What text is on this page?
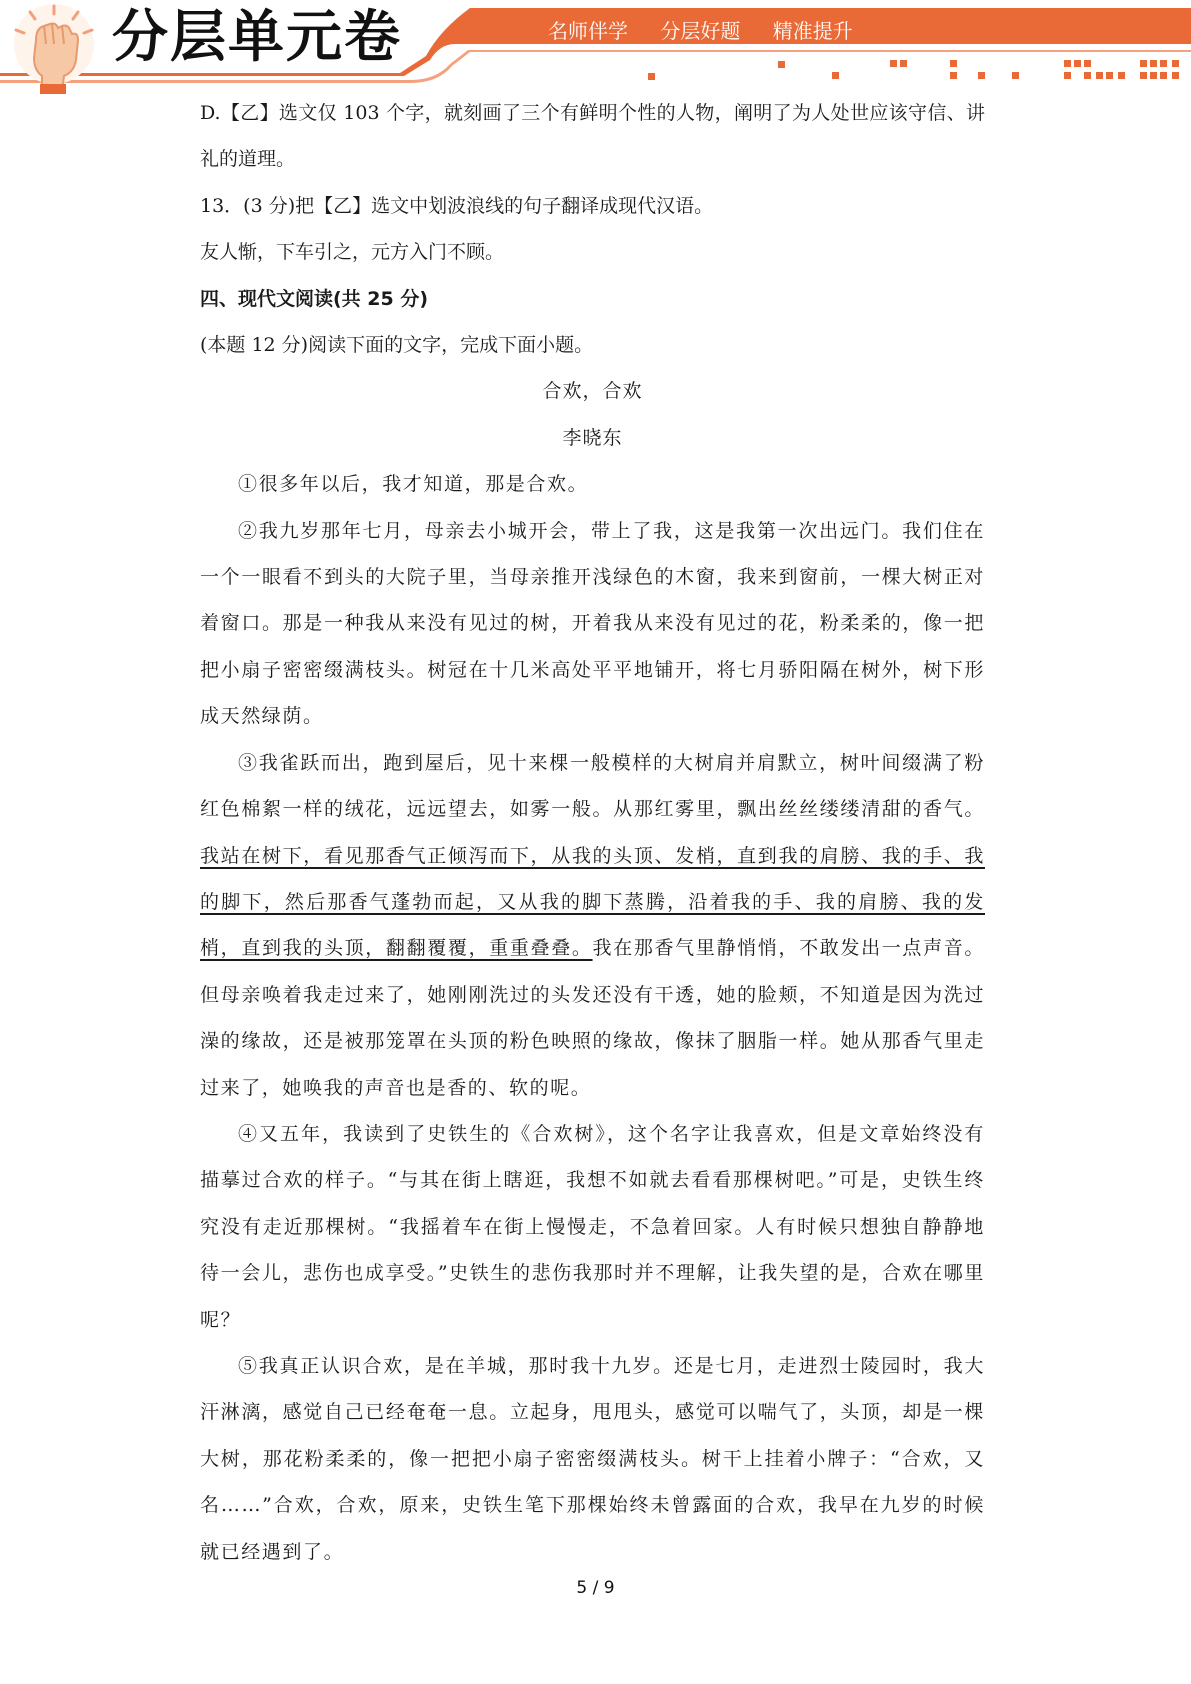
分层单元卷	名师伴学 分层好题 精准提升

D.【乙】选文仅 103 个字，就刻画了三个有鲜明个性的人物，阐明了为人处世应该守信、讲礼的道理。

13．(3 分)把【乙】选文中划波浪线的句子翻译成现代汉语。

友人惭，下车引之，元方入门不顾。

四、现代文阅读(共 25 分)

(本题 12 分)阅读下面的文字，完成下面小题。

合欢，合欢

李晓东

①很多年以后，我才知道，那是合欢。

②我九岁那年七月，母亲去小城开会，带上了我，这是我第一次出远门。我们住在一个一眼看不到头的大院子里，当母亲推开浅绿色的木窗，我来到窗前，一棵大树正对着窗口。那是一种我从来没有见过的树，开着我从来没有见过的花，粉柔柔的，像一把把小扇子密密缀满枝头。树冠在十几米高处平平地铺开，将七月骄阳隔在树外，树下形成天然绿荫。

③我雀跃而出，跑到屋后，见十来棵一般模样的大树肩并肩默立，树叶间缀满了粉红色棉絮一样的绒花，远远望去，如雾一般。从那红雾里，飘出丝丝缕缕清甜的香气。我站在树下，看见那香气正倾泻而下，从我的头顶、发梢，直到我的肩膀、我的手、我的脚下，然后那香气蓬勃而起，又从我的脚下蒸腾，沿着我的手、我的肩膀、我的发梢，直到我的头顶，翻翻覆覆，重重叠叠。我在那香气里静悄悄，不敢发出一点声音。但母亲唤着我走过来了，她刚刚洗过的头发还没有干透，她的脸颊，不知道是因为洗过澡的缘故，还是被那笼罩在头顶的粉色映照的缘故，像抹了胭脂一样。她从那香气里走过来了，她唤我的声音也是香的、软的呢。

④又五年，我读到了史铁生的《合欢树》，这个名字让我喜欢，但是文章始终没有描摹过合欢的样子。“与其在街上瞎逛，我想不如就去看看那棵树吧。”可是，史铁生终究没有走近那棵树。“我摇着车在街上慢慢走，不急着回家。人有时候只想独自静静地待一会儿，悲伤也成享受。”史铁生的悲伤我那时并不理解，让我失望的是，合欢在哪里呢？

⑤我真正认识合欢，是在羊城，那时我十九岁。还是七月，走进烈士陵园时，我大汗淋漓，感觉自己已经奄奄一息。立起身，甩甩头，感觉可以喘气了，头顶，却是一棵大树，那花粉柔柔的，像一把把小扇子密密缀满枝头。树干上挂着小牌子：“合欢，又名……”合欢，合欢，原来，史铁生笔下那棵始终未曾露面的合欢，我早在九岁的时候就已经遇到了。

5 / 9
